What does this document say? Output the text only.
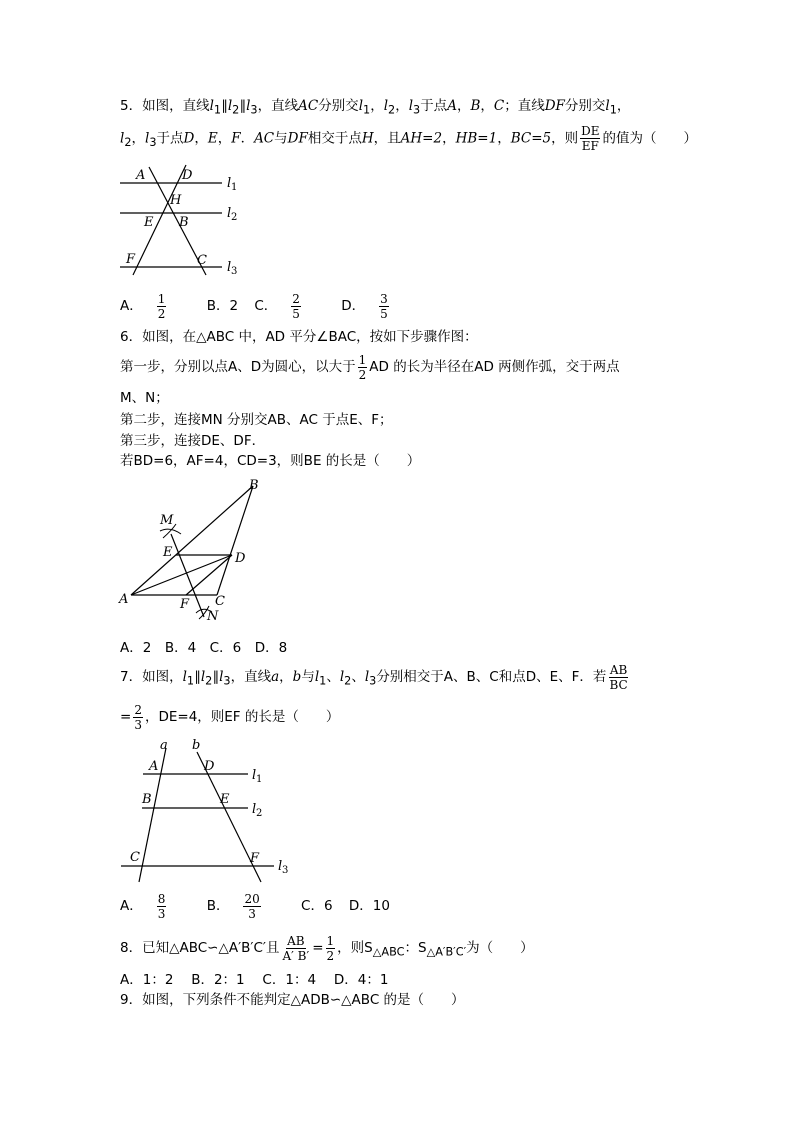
5．如图，直线$l_1\parallel l_2\parallel l_3$，直线AC分别交$l_1$，$l_2$，$l_3$于点A，B，C；直线DF分别交$l_1$，
$l_2$，$l_3$于点D，E，F．AC与DF相交于点H，且AH=2，HB=1，BC=5，则 $\frac{DE}{EF}$ 的值为（　　）
A	D
H
E B
F	C
l 1
l 2
l 3
A． $\frac{1}{2}$ B．2 C． $\frac{2}{5}$ D． $\frac{3}{5}$
6．如图，在△ABC 中，AD 平分∠BAC，按如下步骤作图：
第一步，分别以点A、D为圆心，以大于 $\frac{1}{2}$ AD 的长为半径在AD 两侧作弧，交于两点
M、N；
第二步，连接MN 分别交AB、AC 于点E、F；
第三步，连接DE、DF．
若BD=6，AF=4，CD=3，则BE 的长是（　　）
B
M
E	D
A	F C
N
A．2　B．4　C．6　D．8
7．如图，$l_1\parallel l_2\parallel l_3$，直线a，b与$l_1$、$l_2$、$l_3$分别相交于A、B、C和点D、E、F．若 $\frac{AB}{BC}$
= $\frac{2}{3}$ ，DE=4，则EF 的长是（　　）
a b
A	D
B	E
C	F
l 1
l 2
l 3
A． $\frac{8}{3}$ B． $\frac{20}{3}$ C．6 D．10
8．已知△ABC∽△A′B′C′且 $\frac{AB}{A' B'} = \frac{1}{2}$ ，则$S_{\triangle ABC}$：$S_{\triangle A'B'C'}$为（　　）
A．1：2　 B．2：1　 C．1：4　 D．4：1
9．如图，下列条件不能判定△ADB∽△ABC 的是（　　）
